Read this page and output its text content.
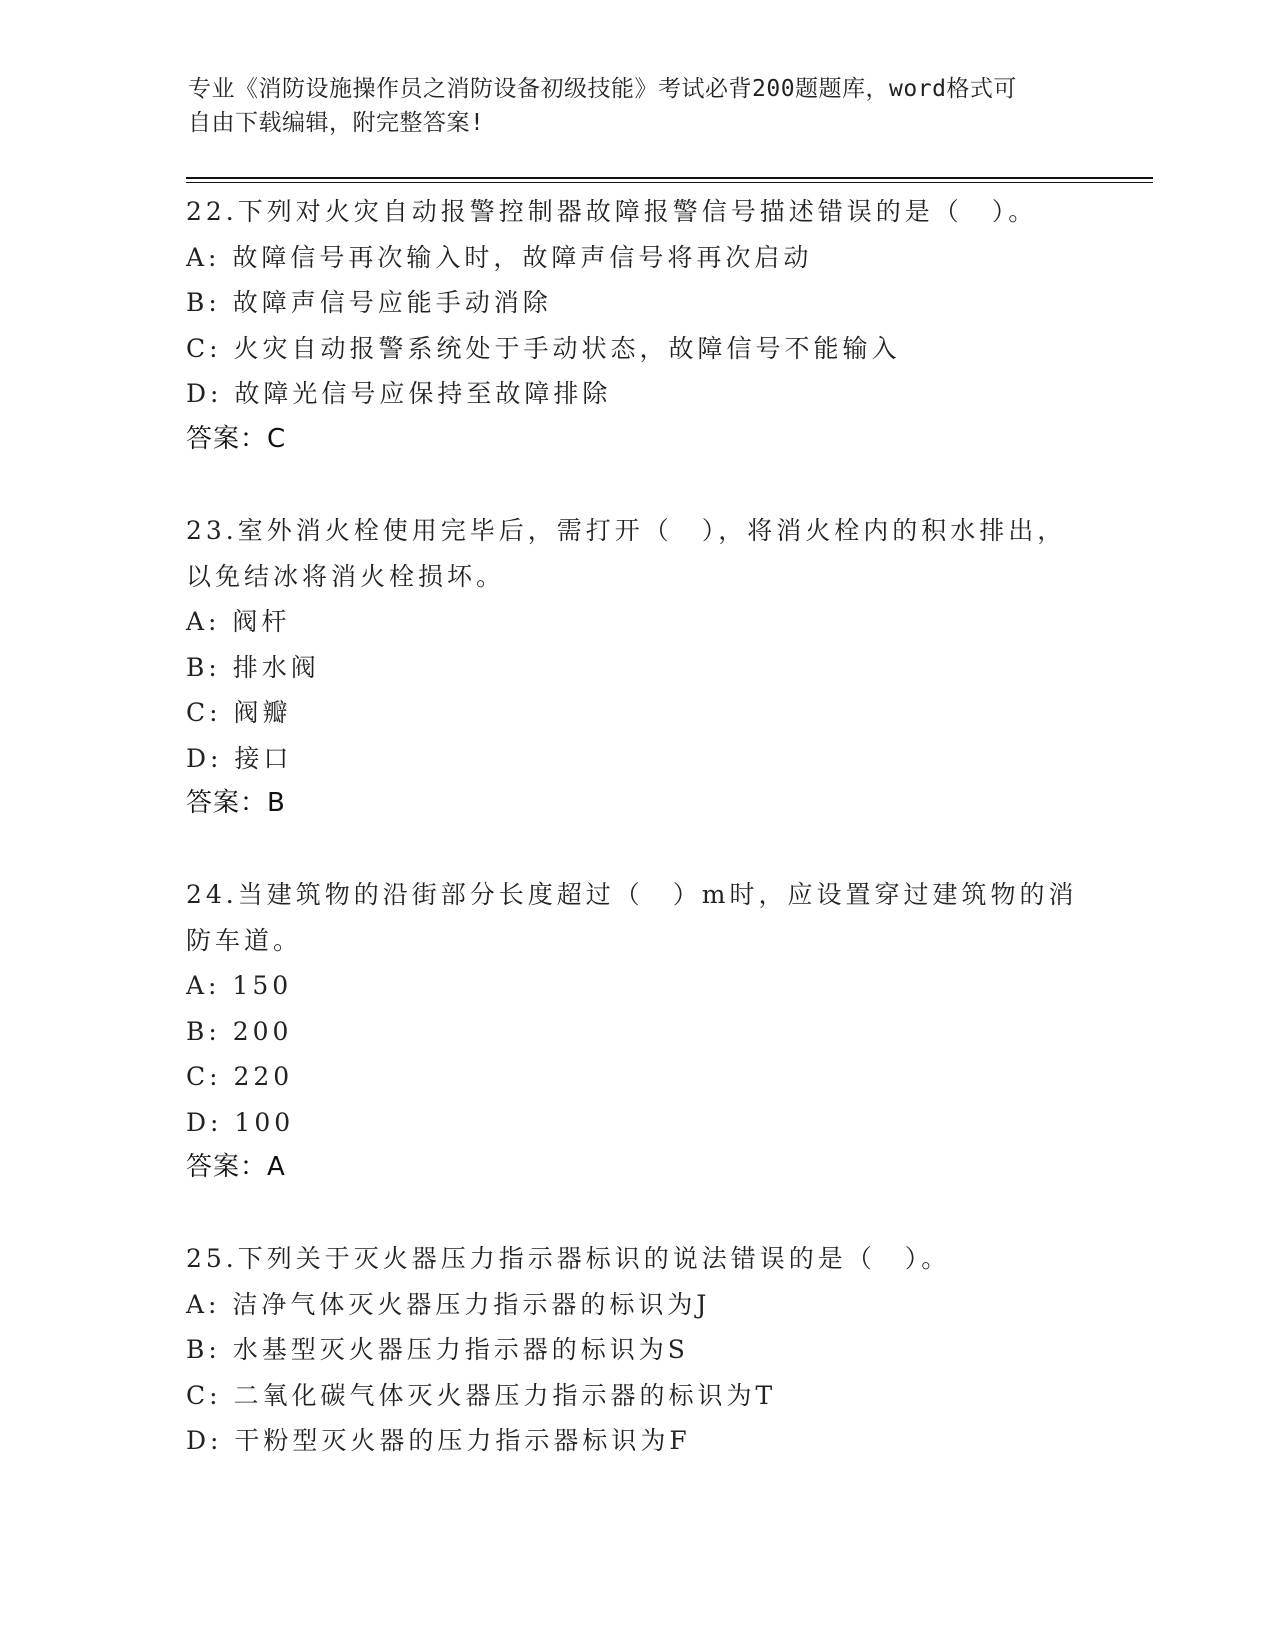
专业《消防设施操作员之消防设备初级技能》考试必背200题题库，word格式可
自由下载编辑，附完整答案!
22.下列对火灾自动报警控制器故障报警信号描述错误的是（　）。
A: 故障信号再次输入时，故障声信号将再次启动
B: 故障声信号应能手动消除
C: 火灾自动报警系统处于手动状态，故障信号不能输入
D: 故障光信号应保持至故障排除
答案：C
23.室外消火栓使用完毕后，需打开（　），将消火栓内的积水排出，
以免结冰将消火栓损坏。
A: 阀杆
B: 排水阀
C: 阀瓣
D: 接口
答案：B
24.当建筑物的沿街部分长度超过（　）m时，应设置穿过建筑物的消
防车道。
A: 150
B: 200
C: 220
D: 100
答案：A
25.下列关于灭火器压力指示器标识的说法错误的是（　）。
A: 洁净气体灭火器压力指示器的标识为J
B: 水基型灭火器压力指示器的标识为S
C: 二氧化碳气体灭火器压力指示器的标识为T
D: 干粉型灭火器的压力指示器标识为F
